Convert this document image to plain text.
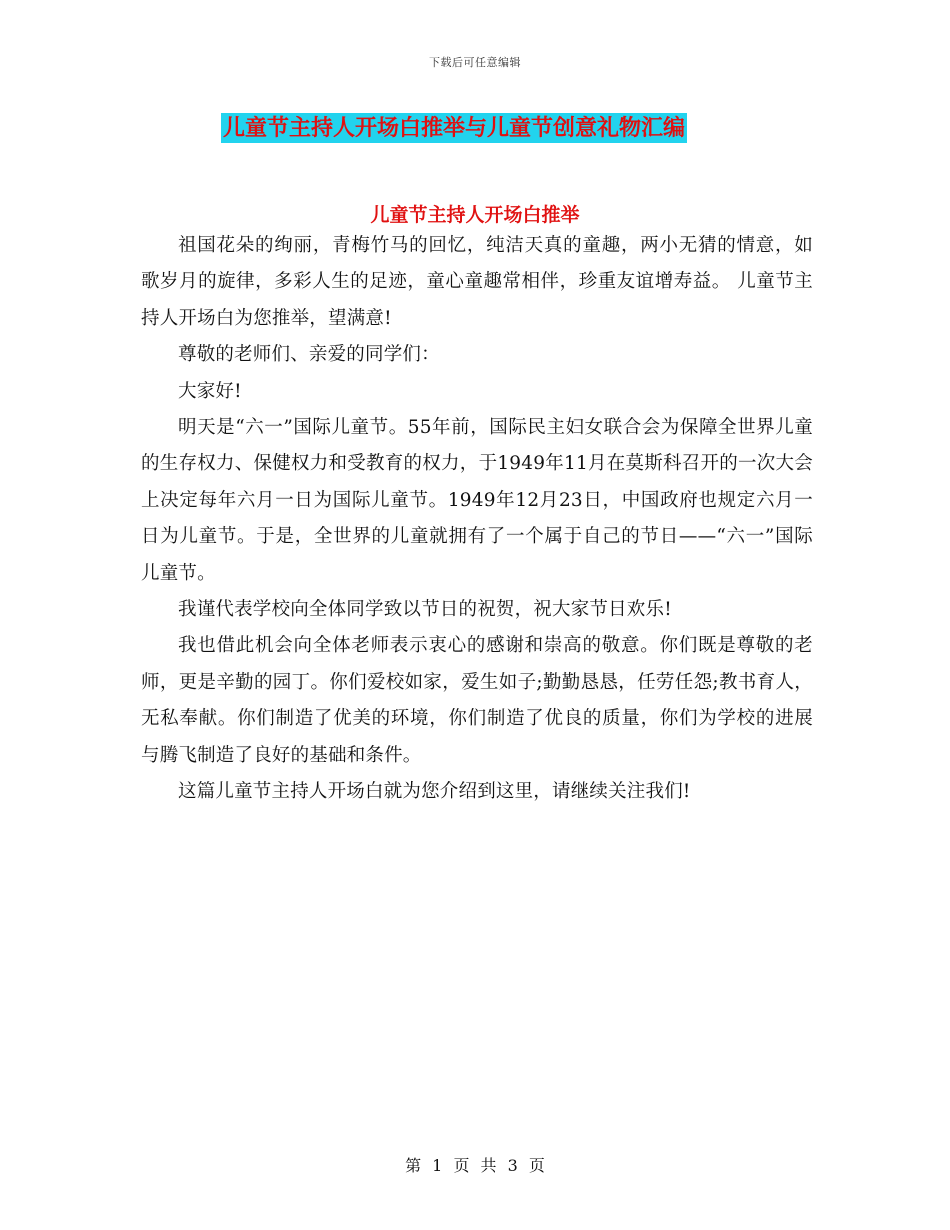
下载后可任意编辑
儿童节主持人开场白推举与儿童节创意礼物汇编
儿童节主持人开场白推举

祖国花朵的绚丽，青梅竹马的回忆，纯洁天真的童趣，两小无猜的情意，如歌岁月的旋律，多彩人生的足迹，童心童趣常相伴，珍重友谊增寿益。 儿童节主持人开场白为您推举，望满意!

尊敬的老师们、亲爱的同学们：

大家好!

明天是“六一”国际儿童节。55年前，国际民主妇女联合会为保障全世界儿童的生存权力、保健权力和受教育的权力，于1949年11月在莫斯科召开的一次大会上决定每年六月一日为国际儿童节。1949年12月23日，中国政府也规定六月一日为儿童节。于是，全世界的儿童就拥有了一个属于自己的节日——“六一”国际儿童节。

我谨代表学校向全体同学致以节日的祝贺，祝大家节日欢乐!

我也借此机会向全体老师表示衷心的感谢和崇高的敬意。你们既是尊敬的老师，更是辛勤的园丁。你们爱校如家，爱生如子;勤勤恳恳，任劳任怨;教书育人，无私奉献。你们制造了优美的环境，你们制造了优良的质量，你们为学校的进展与腾飞制造了良好的基础和条件。

这篇儿童节主持人开场白就为您介绍到这里，请继续关注我们!

第 1 页 共 3 页
